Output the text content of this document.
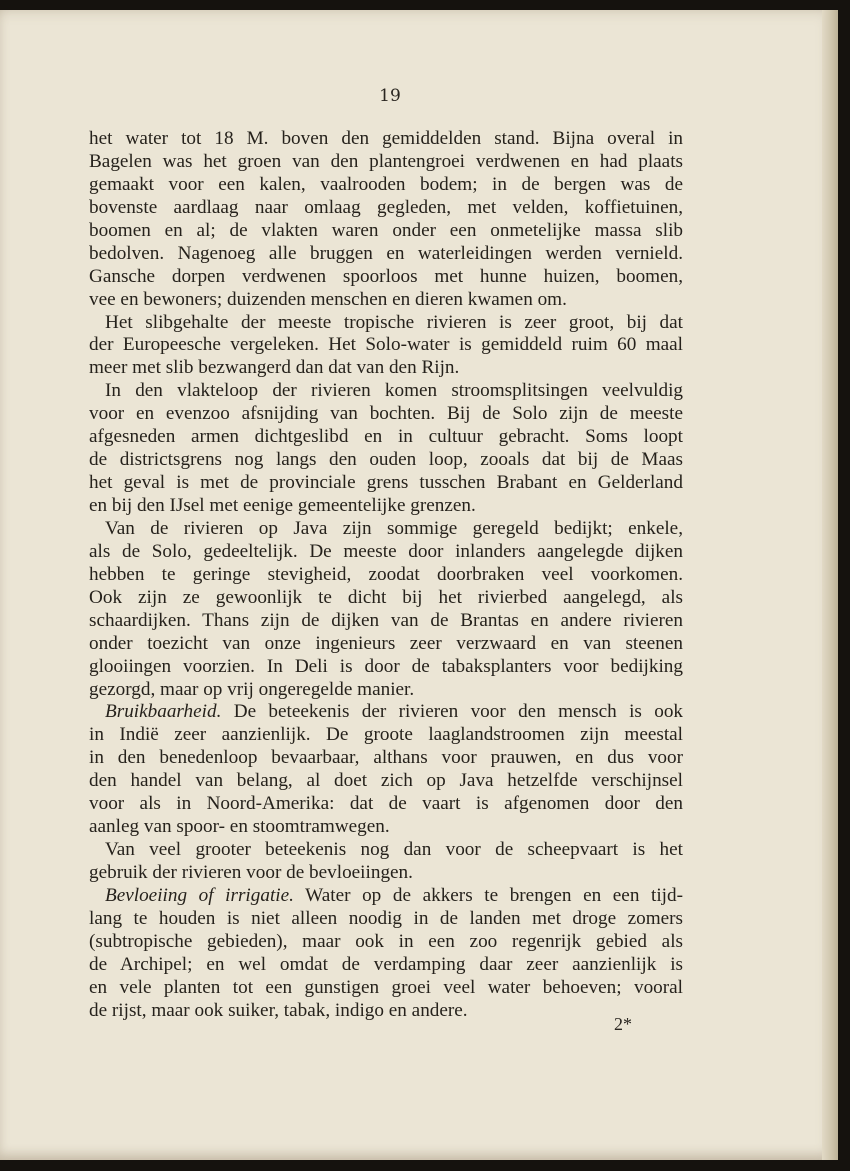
19
het water tot 18 M. boven den gemiddelden stand. Bijna overal in
Bagelen was het groen van den plantengroei verdwenen en had plaats
gemaakt voor een kalen, vaalrooden bodem; in de bergen was de
bovenste aardlaag naar omlaag gegleden, met velden, koffietuinen,
boomen en al; de vlakten waren onder een onmetelijke massa slib
bedolven. Nagenoeg alle bruggen en waterleidingen werden vernield.
Gansche dorpen verdwenen spoorloos met hunne huizen, boomen,
vee en bewoners; duizenden menschen en dieren kwamen om.
Het slibgehalte der meeste tropische rivieren is zeer groot, bij dat
der Europeesche vergeleken. Het Solo-water is gemiddeld ruim 60 maal
meer met slib bezwangerd dan dat van den Rijn.
In den vlakteloop der rivieren komen stroomsplitsingen veelvuldig
voor en evenzoo afsnijding van bochten. Bij de Solo zijn de meeste
afgesneden armen dichtgeslibd en in cultuur gebracht. Soms loopt
de districtsgrens nog langs den ouden loop, zooals dat bij de Maas
het geval is met de provinciale grens tusschen Brabant en Gelderland
en bij den IJsel met eenige gemeentelijke grenzen.
Van de rivieren op Java zijn sommige geregeld bedijkt; enkele,
als de Solo, gedeeltelijk. De meeste door inlanders aangelegde dijken
hebben te geringe stevigheid, zoodat doorbraken veel voorkomen.
Ook zijn ze gewoonlijk te dicht bij het rivierbed aangelegd, als
schaardijken. Thans zijn de dijken van de Brantas en andere rivieren
onder toezicht van onze ingenieurs zeer verzwaard en van steenen
glooiingen voorzien. In Deli is door de tabaksplanters voor bedijking
gezorgd, maar op vrij ongeregelde manier.
Bruikbaarheid. De beteekenis der rivieren voor den mensch is ook
in Indië zeer aanzienlijk. De groote laaglandstroomen zijn meestal
in den benedenloop bevaarbaar, althans voor prauwen, en dus voor
den handel van belang, al doet zich op Java hetzelfde verschijnsel
voor als in Noord-Amerika: dat de vaart is afgenomen door den
aanleg van spoor- en stoomtramwegen.
Van veel grooter beteekenis nog dan voor de scheepvaart is het
gebruik der rivieren voor de bevloeiingen.
Bevloeiing of irrigatie. Water op de akkers te brengen en een tijd-
lang te houden is niet alleen noodig in de landen met droge zomers
(subtropische gebieden), maar ook in een zoo regenrijk gebied als
de Archipel; en wel omdat de verdamping daar zeer aanzienlijk is
en vele planten tot een gunstigen groei veel water behoeven; vooral
de rijst, maar ook suiker, tabak, indigo en andere.
2*
